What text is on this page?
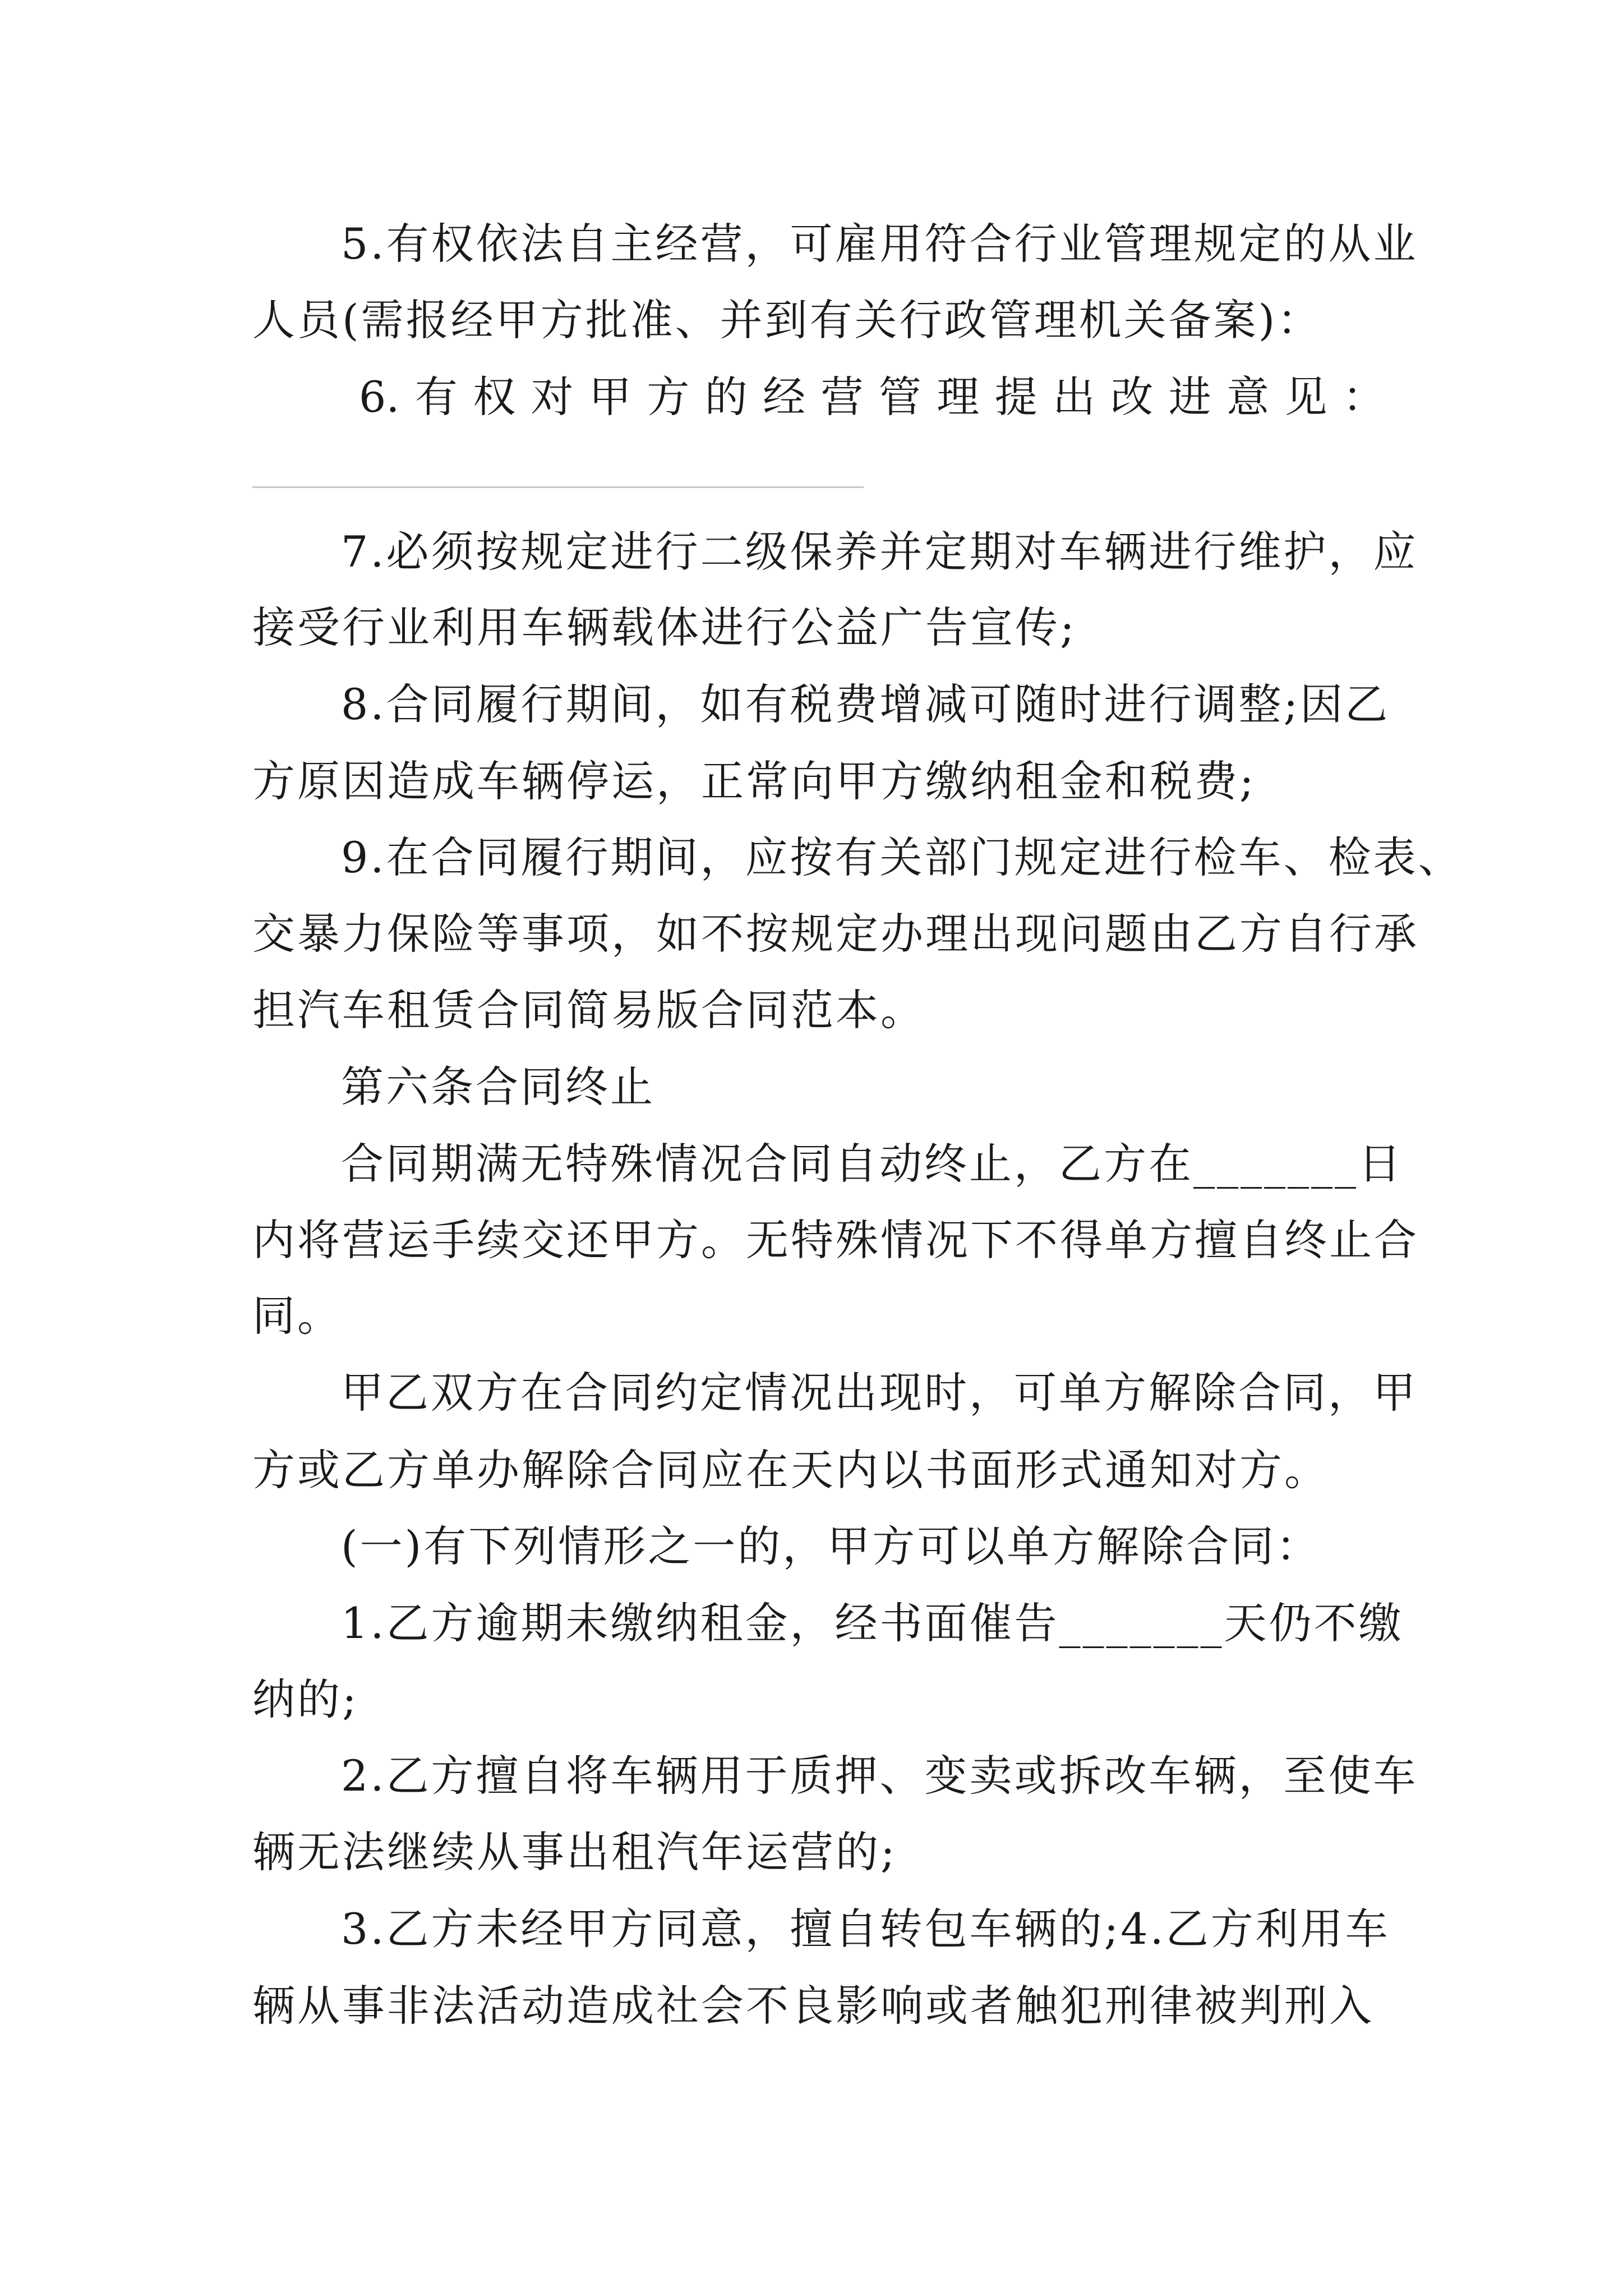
5.有权依法自主经营，可雇用符合行业管理规定的从业
人员(需报经甲方批准、并到有关行政管理机关备案)：
6. 有 权 对 甲 方 的 经 营 管 理 提 出 改 进 意 见 ：
7.必须按规定进行二级保养并定期对车辆进行维护，应
接受行业利用车辆载体进行公益广告宣传;
8.合同履行期间，如有税费增减可随时进行调整;因乙
方原因造成车辆停运，正常向甲方缴纳租金和税费;
9.在合同履行期间，应按有关部门规定进行检车、检表、
交暴力保险等事项，如不按规定办理出现问题由乙方自行承
担汽车租赁合同简易版合同范本。
第六条合同终止
合同期满无特殊情况合同自动终止，乙方在_______日
内将营运手续交还甲方。无特殊情况下不得单方擅自终止合
同。
甲乙双方在合同约定情况出现时，可单方解除合同，甲
方或乙方单办解除合同应在天内以书面形式通知对方。
(一)有下列情形之一的，甲方可以单方解除合同：
1.乙方逾期未缴纳租金，经书面催告_______天仍不缴
纳的;
2.乙方擅自将车辆用于质押、变卖或拆改车辆，至使车
辆无法继续从事出租汽年运营的;
3.乙方未经甲方同意，擅自转包车辆的;4.乙方利用车
辆从事非法活动造成社会不良影响或者触犯刑律被判刑入
